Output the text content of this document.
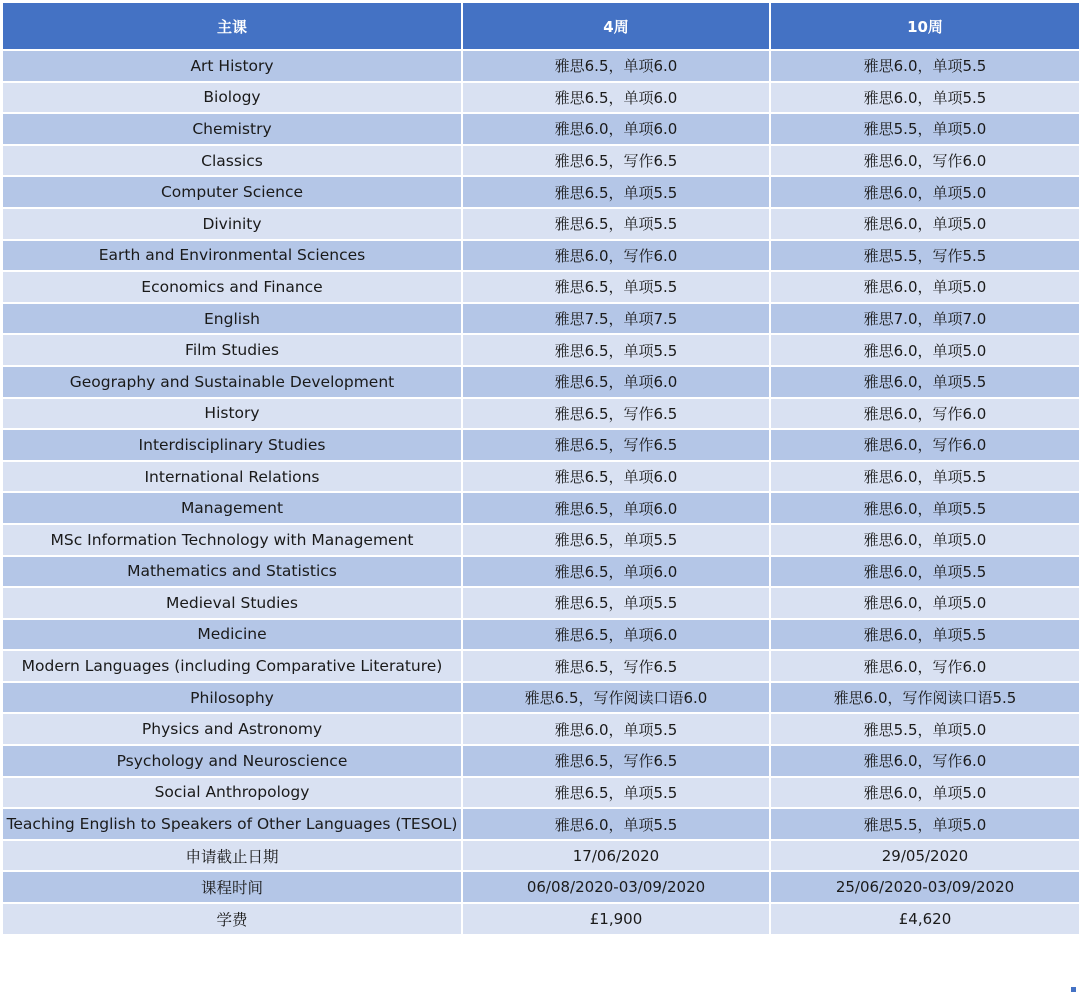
主课	4周	10周
Art History	雅思6.5，单项6.0	雅思6.0，单项5.5
Biology	雅思6.5，单项6.0	雅思6.0，单项5.5
Chemistry	雅思6.0，单项6.0	雅思5.5，单项5.0
Classics	雅思6.5，写作6.5	雅思6.0，写作6.0
Computer Science	雅思6.5，单项5.5	雅思6.0，单项5.0
Divinity	雅思6.5，单项5.5	雅思6.0，单项5.0
Earth and Environmental Sciences	雅思6.0，写作6.0	雅思5.5，写作5.5
Economics and Finance	雅思6.5，单项5.5	雅思6.0，单项5.0
English	雅思7.5，单项7.5	雅思7.0，单项7.0
Film Studies	雅思6.5，单项5.5	雅思6.0，单项5.0
Geography and Sustainable Development	雅思6.5，单项6.0	雅思6.0，单项5.5
History	雅思6.5，写作6.5	雅思6.0，写作6.0
Interdisciplinary Studies	雅思6.5，写作6.5	雅思6.0，写作6.0
International Relations	雅思6.5，单项6.0	雅思6.0，单项5.5
Management	雅思6.5，单项6.0	雅思6.0，单项5.5
MSc Information Technology with Management	雅思6.5，单项5.5	雅思6.0，单项5.0
Mathematics and Statistics	雅思6.5，单项6.0	雅思6.0，单项5.5
Medieval Studies	雅思6.5，单项5.5	雅思6.0，单项5.0
Medicine	雅思6.5，单项6.0	雅思6.0，单项5.5
Modern Languages (including Comparative Literature)	雅思6.5，写作6.5	雅思6.0，写作6.0
Philosophy	雅思6.5，写作阅读口语6.0	雅思6.0，写作阅读口语5.5
Physics and Astronomy	雅思6.0，单项5.5	雅思5.5，单项5.0
Psychology and Neuroscience	雅思6.5，写作6.5	雅思6.0，写作6.0
Social Anthropology	雅思6.5，单项5.5	雅思6.0，单项5.0
Teaching English to Speakers of Other Languages (TESOL)	雅思6.0，单项5.5	雅思5.5，单项5.0
申请截止日期	17/06/2020	29/05/2020
课程时间	06/08/2020-03/09/2020	25/06/2020-03/09/2020
学费	£1,900	£4,620
